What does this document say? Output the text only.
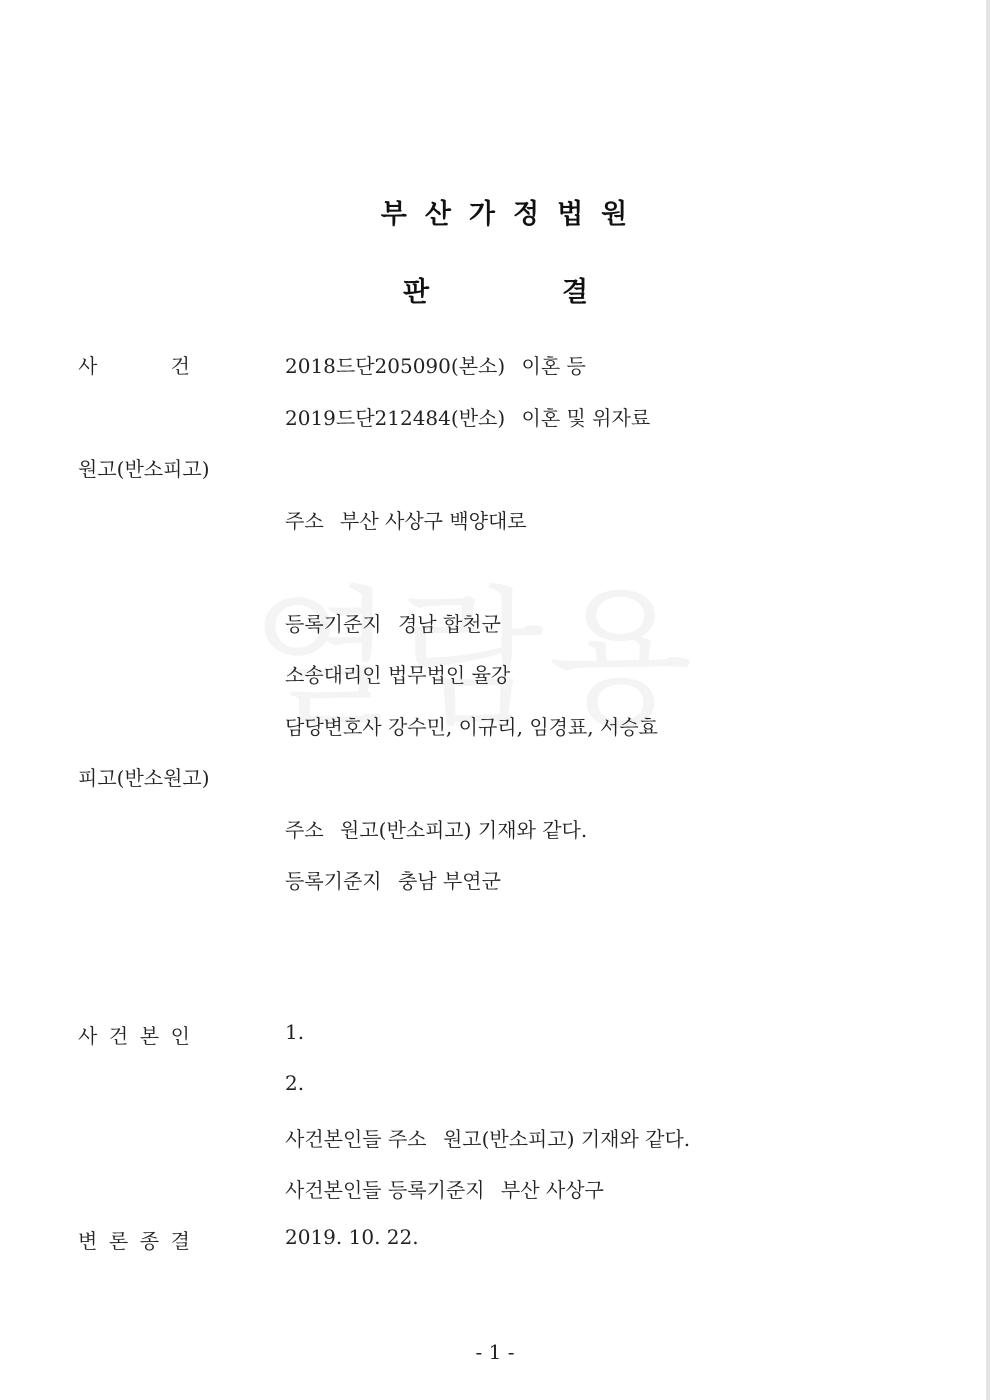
부산가정법원
판	결
사	건	2018드단205090(본소) 이혼 등
2019드단212484(반소) 이혼 및 위자료
원고(반소피고)
주소 부산 사상구 백양대로
등록기준지 경남 합천군
소송대리인 법무법인 율강
담당변호사 강수민, 이규리, 임경표, 서승효
피고(반소원고)
주소 원고(반소피고) 기재와 같다.
등록기준지 충남 부연군
사 건 본 인	1.
2.
사건본인들 주소 원고(반소피고) 기재와 같다.
사건본인들 등록기준지 부산 사상구
변 론 종 결	2019. 10. 22.
- 1 -
